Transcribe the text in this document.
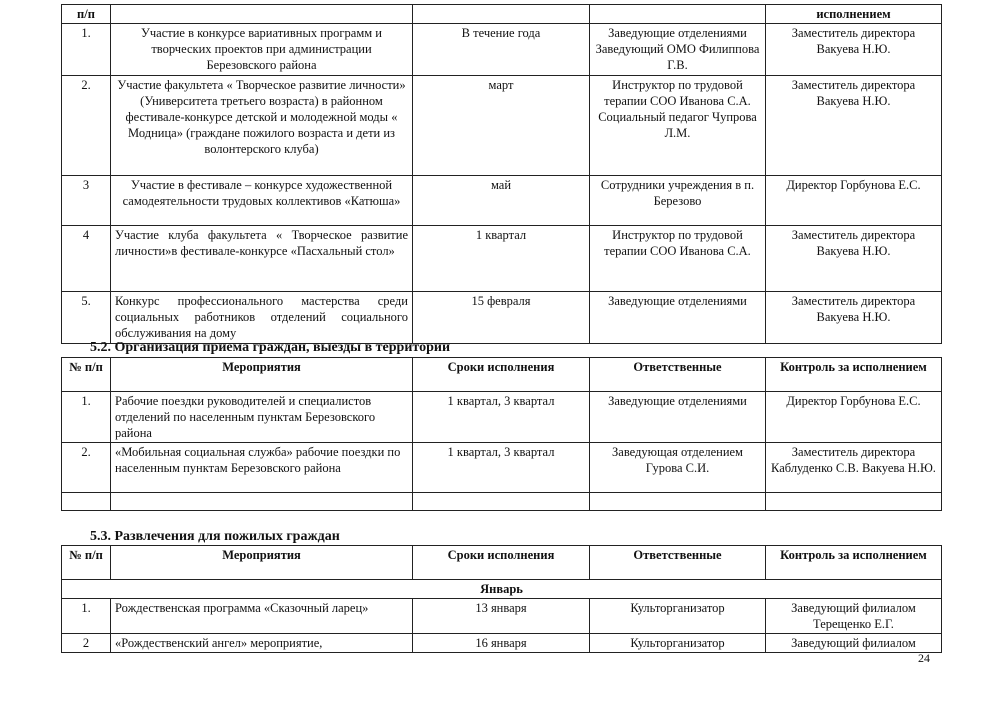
п/п				исполнением
1.	Участие в конкурсе вариативных программ и творческих проектов при администрации Березовского района	В течение года	Заведующие отделениями Заведующий ОМО Филиппова Г.В.	Заместитель директора Вакуева Н.Ю.
2.	Участие факультета « Творческое развитие личности» (Университета третьего возраста) в районном фестивале-конкурсе детской и молодежной моды « Модница» (граждане пожилого возраста и дети из волонтерского клуба)	март	Инструктор по трудовой терапии СОО Иванова С.А. Социальный педагог Чупрова Л.М.	Заместитель директора Вакуева Н.Ю.
3	Участие в фестивале – конкурсе художественной самодеятельности трудовых коллективов «Катюша»	май	Сотрудники учреждения в п. Березово	Директор Горбунова Е.С.
4	Участие клуба факультета « Творческое развитие личности»в фестивале-конкурсе «Пасхальный стол»	1 квартал	Инструктор по трудовой терапии СОО Иванова С.А.	Заместитель директора Вакуева Н.Ю.
5.	Конкурс профессионального мастерства среди социальных работников отделений социального обслуживания на дому	15 февраля	Заведующие отделениями	Заместитель директора Вакуева Н.Ю.
5.2. Организация приема граждан, выезды в территории
№ п/п	Мероприятия	Сроки исполнения	Ответственные	Контроль за исполнением
1.	Рабочие поездки руководителей и специалистов отделений по населенным пунктам Березовского района	1 квартал, 3 квартал	Заведующие отделениями	Директор Горбунова Е.С.
2.	«Мобильная социальная служба» рабочие поездки по населенным пунктам Березовского района	1 квартал, 3 квартал	Заведующая отделением Гурова С.И.	Заместитель директора Каблуденко С.В. Вакуева Н.Ю.

5.3. Развлечения для пожилых граждан
№ п/п	Мероприятия	Сроки исполнения	Ответственные	Контроль за исполнением
Январь				
1.	Рождественская программа «Сказочный ларец»	13 января	Культорганизатор	Заведующий филиалом Терещенко Е.Г.
2	«Рождественский ангел» мероприятие,	16 января	Культорганизатор	Заведующий филиалом
24
